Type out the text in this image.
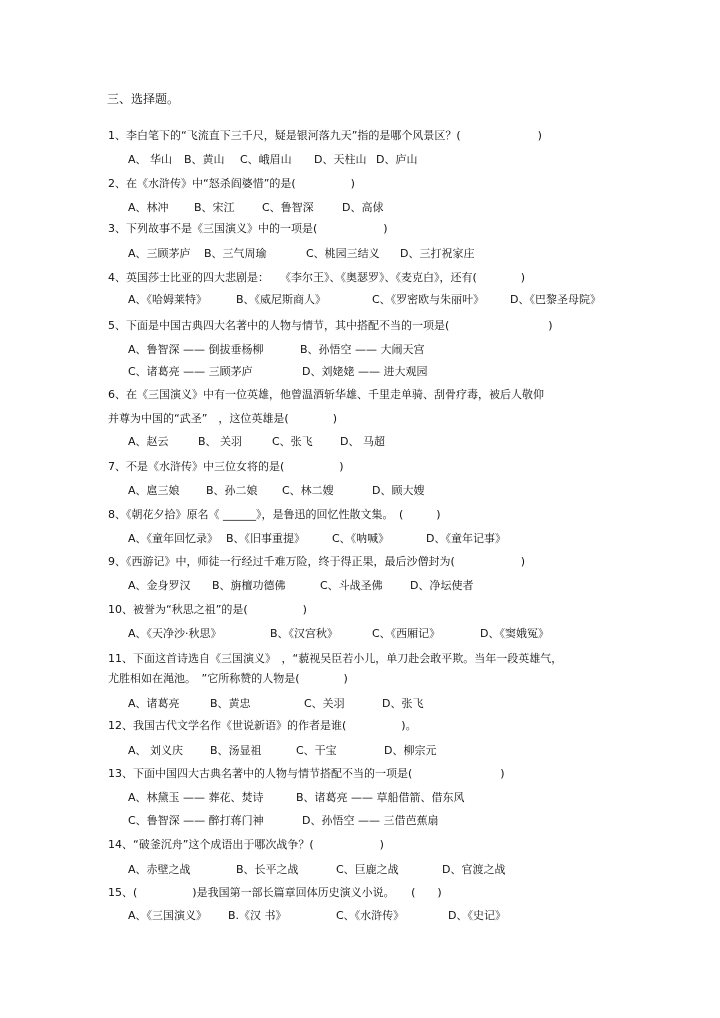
三、选择题。
1、李白笔下的“飞流直下三千尺，疑是银河落九天”指的是哪个风景区？(　　　　　　　)
A、 华山 B、黄山 C、峨眉山 D、天柱山 D、庐山
2、在《水浒传》中“怒杀阎婆惜”的是(　　　　　)
A、林冲 B、宋江 C、鲁智深	D、高俅
3、下列故事不是《三国演义》中的一项是(　　　　　　)
A、三顾茅庐 B、三气周瑜	C、桃园三结义 D、三打祝家庄
4、英国莎士比亚的四大悲剧是：　　《李尔王》、《奥瑟罗》、《麦克白》，还有(　　　　)
A、《哈姆莱特》	B、《威尼斯商人》	C、《罗密欧与朱丽叶》 D、《巴黎圣母院》
5、下面是中国古典四大名著中的人物与情节，其中搭配不当的一项是(　　　　　　　　　)
A、鲁智深 —— 倒拔垂杨柳	B、孙悟空 —— 大闹天宫
C、诸葛亮 —— 三顾茅庐	D、刘姥姥 —— 进大观园
6、在《三国演义》中有一位英雄，他曾温酒斩华雄、千里走单骑、刮骨疗毒，被后人敬仰
并尊为中国的“武圣”　，这位英雄是(　　　　)
A、赵云	B、 关羽	C、张飞 D、 马超
7、不是《水浒传》中三位女将的是(　　　　　)
A、扈三娘 B、孙二娘 C、林二嫂	D、顾大嫂
8、《朝花夕拾》原名《 ______》，是鲁迅的回忆性散文集。　(　　　)
A、《童年回忆录》 B、《旧事重提》 C、《呐喊》	D、《童年记事》
9、《西游记》中，师徒一行经过千难万险，终于得正果，最后沙僧封为(　　　　　　)
A、金身罗汉 B、旃檀功德佛	C、斗战圣佛 D、净坛使者
10、被誉为“秋思之祖”的是(　　　　　)
A、《天净沙·秋思》	B、《汉宫秋》	C、《西厢记》	D、《窦娥冤》
11、下面这首诗选自《三国演义》　，“藐视吴臣若小儿，单刀赴会敢平欺。当年一段英雄气，
尤胜相如在渑池。　”它所称赞的人物是(　　　　)
A、诸葛亮	B、黄忠	C、关羽	D、张飞
12、我国古代文学名作《世说新语》的作者是谁(　　　　　)。
A、 刘义庆 B、汤显祖	C、干宝	D、柳宗元
13、下面中国四大古典名著中的人物与情节搭配不当的一项是(　　　　　　　　)
A、林黛玉 —— 葬花、焚诗	B、诸葛亮 —— 草船借箭、借东风
C、鲁智深 —— 醉打蒋门神	D、孙悟空 —— 三借芭蕉扇
14、“破釜沉舟”这个成语出于哪次战争？(　　　　　　)
A、赤壁之战	B、长平之战	C、巨鹿之战	D、官渡之战
15、(　　　　　)是我国第一部长篇章回体历史演义小说。　　(　　)
A、《三国演义》 B.《汉 书》	C、《水浒传》	D、《史记》
